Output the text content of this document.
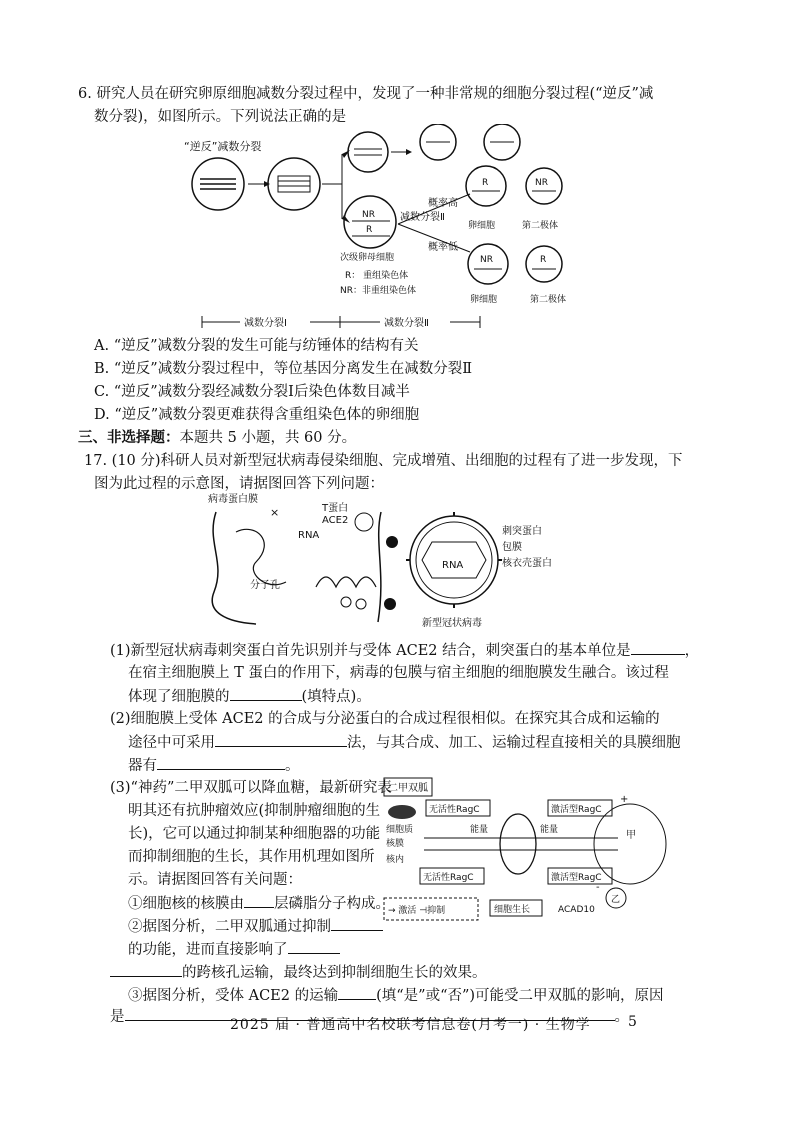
6. 研究人员在研究卵原细胞减数分裂过程中，发现了一种非常规的细胞分裂过程(“逆反”减
数分裂)，如图所示。下列说法正确的是
“逆反”减数分裂
NR
R
减数分裂Ⅱ
概率高
概率低
R	NR
卵细胞	第二极体
NR	R
次级卵母细胞
R： 重组染色体
NR：非重组染色体
卵细胞	第二极体
减数分裂Ⅰ	减数分裂Ⅱ
A. “逆反”减数分裂的发生可能与纺锤体的结构有关
B. “逆反”减数分裂过程中，等位基因分离发生在减数分裂Ⅱ
C. “逆反”减数分裂经减数分裂Ⅰ后染色体数目减半
D. “逆反”减数分裂更难获得含重组染色体的卵细胞
三、非选择题：本题共 5 小题，共 60 分。
17. (10 分)科研人员对新型冠状病毒侵染细胞、完成增殖、出细胞的过程有了进一步发现，下
图为此过程的示意图，请据图回答下列问题：
病毒蛋白膜
T蛋白
ACE2
RNA
×
分子孔
RNA
刺突蛋白
包膜
核衣壳蛋白
新型冠状病毒
(1)新型冠状病毒刺突蛋白首先识别并与受体 ACE2 结合，刺突蛋白的基本单位是	，
在宿主细胞膜上 T 蛋白的作用下，病毒的包膜与宿主细胞的细胞膜发生融合。该过程
体现了细胞膜的	(填特点)。
(2)细胞膜上受体 ACE2 的合成与分泌蛋白的合成过程很相似。在探究其合成和运输的
途径中可采用	法，与其合成、加工、运输过程直接相关的具膜细胞
器有	。
(3)“神药”二甲双胍可以降血糖，最新研究表
明其还有抗肿瘤效应(抑制肿瘤细胞的生
长)，它可以通过抑制某种细胞器的功能
而抑制细胞的生长，其作用机理如图所
示。请据图回答有关问题：
①细胞核的核膜由 层磷脂分子构成。
②据图分析，二甲双胍通过抑制
的功能，进而直接影响了
的跨核孔运输，最终达到抑制细胞生长的效果。
③据图分析，受体 ACE2 的运输	(填“是”或“否”)可能受二甲双胍的影响，原因
是	。
二甲双胍
无活性RagC	激活型RagC
能量	能量
细胞质
核膜
核内
甲
+
-
无活性RagC	激活型RagC
→ 激活 ⊣抑制	细胞生长	ACAD10
乙
2025 届 · 普通高中名校联考信息卷(月考一) · 生物学	5
